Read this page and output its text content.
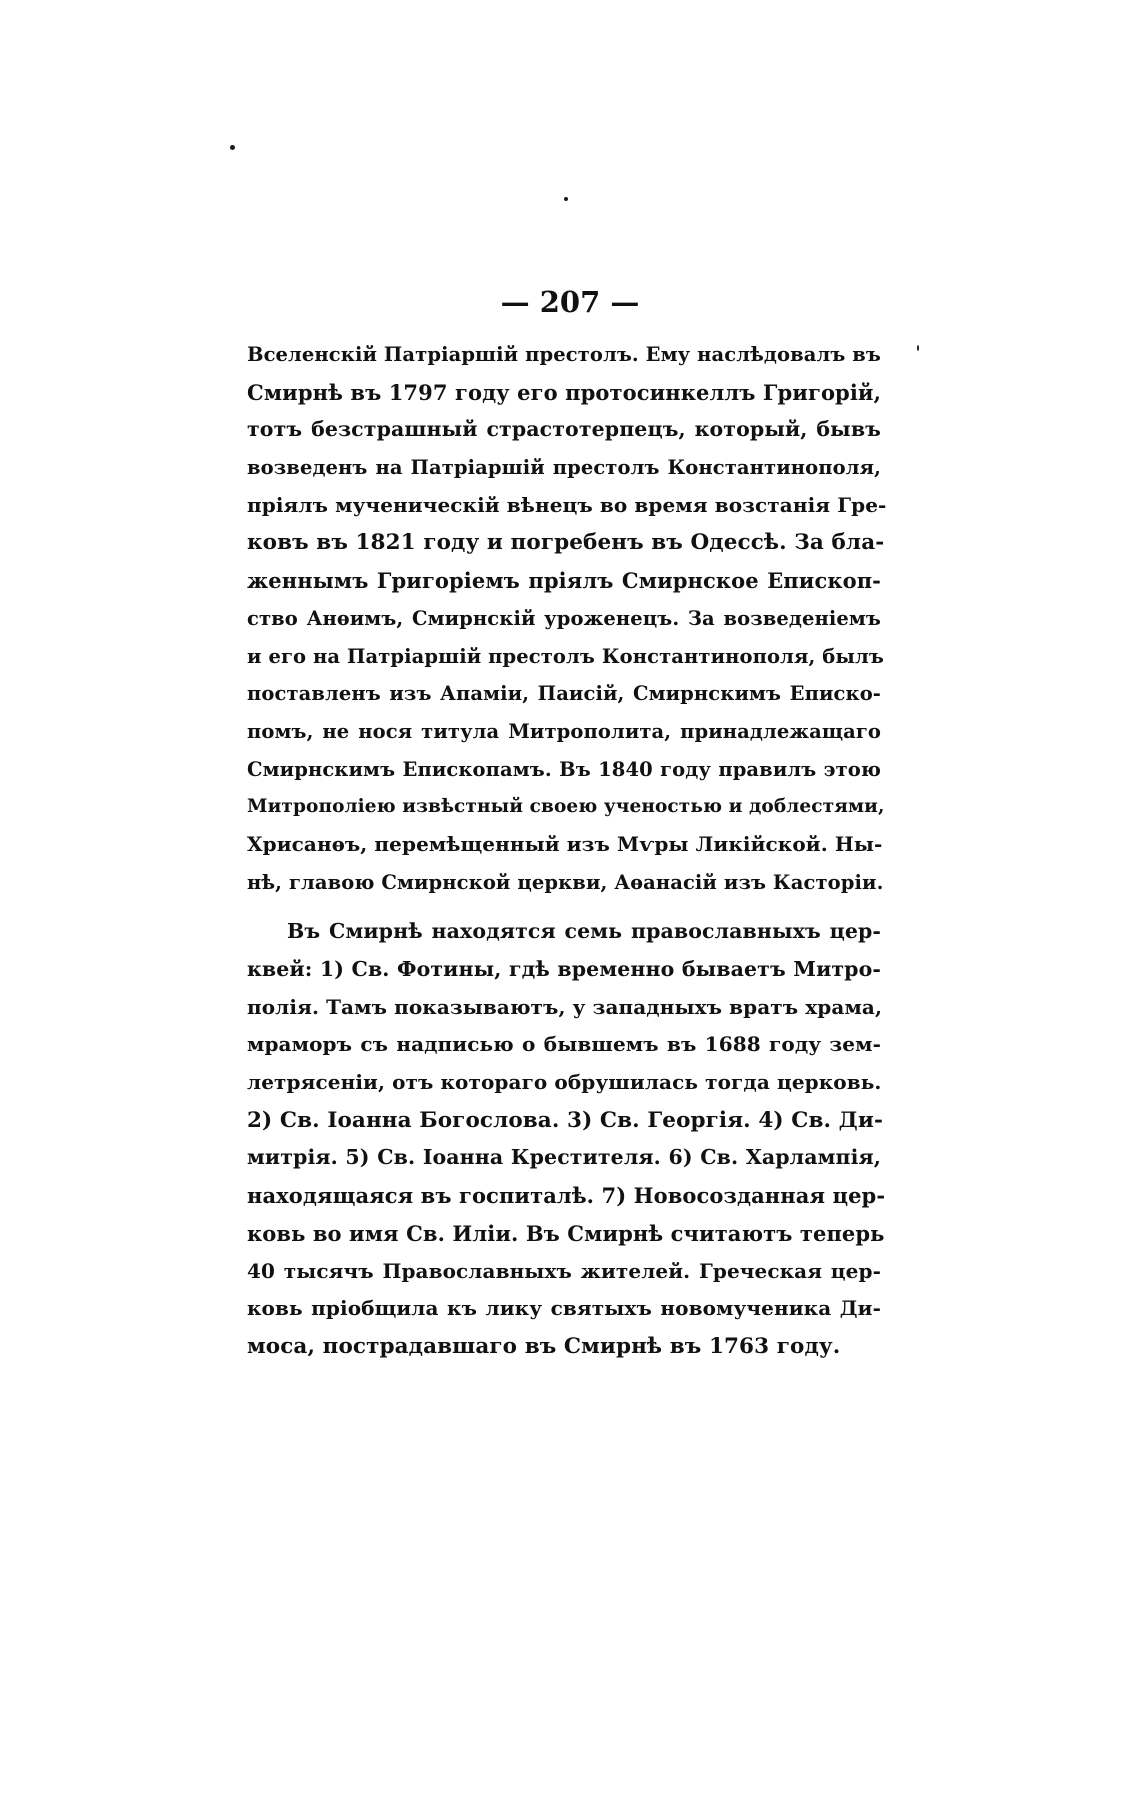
— 207 —
Вселенскій Патріаршій престолъ. Ему наслѣдовалъ въ
Смирнѣ въ 1797 году его протосинкеллъ Григорій,
тотъ безстрашный страстотерпецъ, который, бывъ
возведенъ на Патріаршій престолъ Константинополя,
пріялъ мученическій вѣнецъ во время возстанія Гре-
ковъ въ 1821 году и погребенъ въ Одессѣ. За бла-
женнымъ Григоріемъ пріялъ Смирнское Епископ-
ство Анѳимъ, Смирнскій уроженецъ. За возведеніемъ
и его на Патріаршій престолъ Константинополя, былъ
поставленъ изъ Апаміи, Паисій, Смирнскимъ Еписко-
помъ, не нося титула Митрополита, принадлежащаго
Смирнскимъ Епископамъ. Въ 1840 году правилъ этою
Митрополіею извѣстный своею ученостью и доблестями,
Хрисанѳъ, перемѣщенный изъ Мѵры Ликійской. Ны-
нѣ, главою Смирнской церкви, Аѳанасій изъ Касторіи.
Въ Смирнѣ находятся семь православныхъ цер-
квей: 1) Св. Фотины, гдѣ временно бываетъ Митро-
полія. Тамъ показываютъ, у западныхъ вратъ храма,
мраморъ съ надписью о бывшемъ въ 1688 году зем-
летрясеніи, отъ котораго обрушилась тогда церковь.
2) Св. Іоанна Богослова. 3) Св. Георгія. 4) Св. Ди-
митрія. 5) Св. Іоанна Крестителя. 6) Св. Харлампія,
находящаяся въ госпиталѣ. 7) Новосозданная цер-
ковь во имя Св. Иліи. Въ Смирнѣ считаютъ теперь
40 тысячъ Православныхъ жителей. Греческая цер-
ковь пріобщила къ лику святыхъ новомученика Ди-
моса, пострадавшаго въ Смирнѣ въ 1763 году.
